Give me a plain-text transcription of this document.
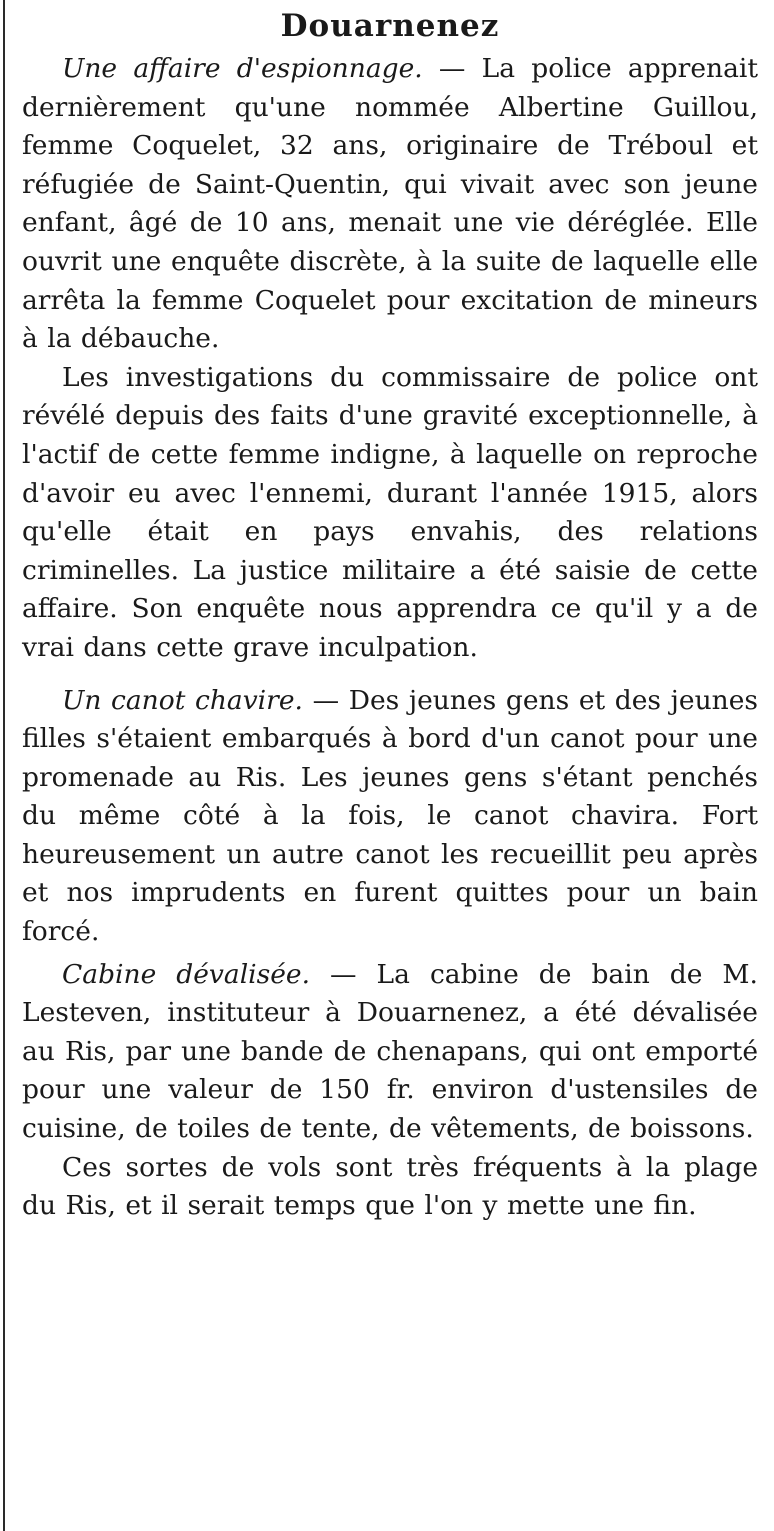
Douarnenez

Une affaire d'espionnage. — La police apprenait dernièrement qu'une nommée Albertine Guillou, femme Coquelet, 32 ans, originaire de Tréboul et réfugiée de Saint-Quentin, qui vivait avec son jeune enfant, âgé de 10 ans, menait une vie déréglée. Elle ouvrit une enquête discrète, à la suite de laquelle elle arrêta la femme Coquelet pour excitation de mineurs à la débauche.

Les investigations du commissaire de police ont révélé depuis des faits d'une gravité exceptionnelle, à l'actif de cette femme indigne, à laquelle on reproche d'avoir eu avec l'ennemi, durant l'année 1915, alors qu'elle était en pays envahis, des relations criminelles. La justice militaire a été saisie de cette affaire. Son enquête nous apprendra ce qu'il y a de vrai dans cette grave inculpation.

Un canot chavire. — Des jeunes gens et des jeunes filles s'étaient embarqués à bord d'un canot pour une promenade au Ris. Les jeunes gens s'étant penchés du même côté à la fois, le canot chavira. Fort heureusement un autre canot les recueillit peu après et nos imprudents en furent quittes pour un bain forcé.

Cabine dévalisée. — La cabine de bain de M. Lesteven, instituteur à Douarnenez, a été dévalisée au Ris, par une bande de chenapans, qui ont emporté pour une valeur de 150 fr. environ d'ustensiles de cuisine, de toiles de tente, de vêtements, de boissons.

Ces sortes de vols sont très fréquents à la plage du Ris, et il serait temps que l'on y mette une fin.
